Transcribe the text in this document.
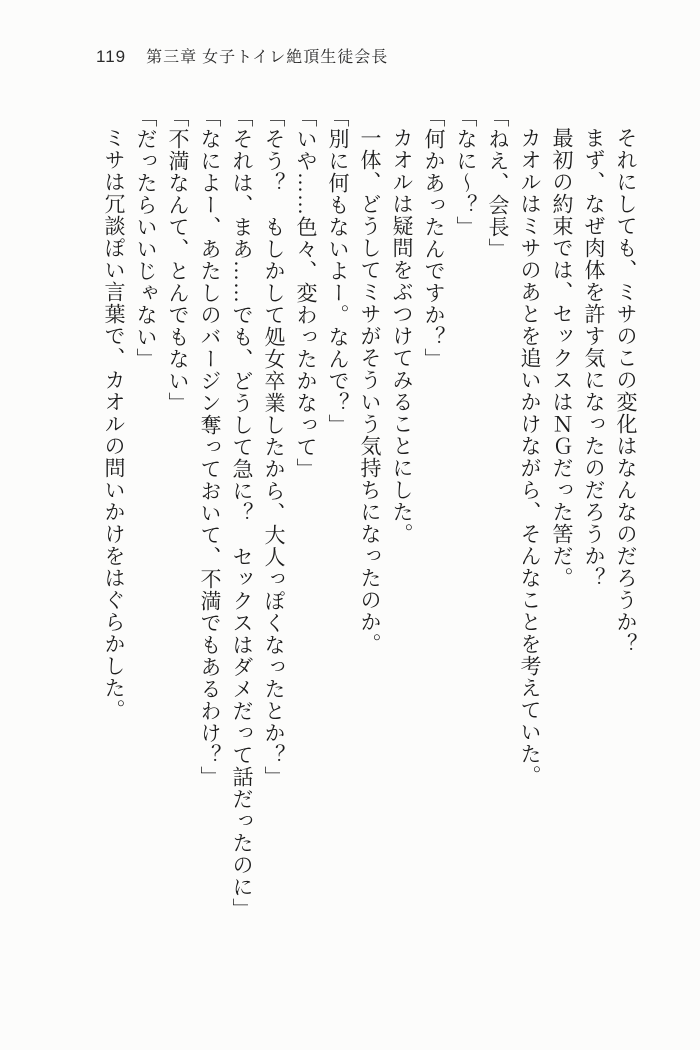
119 第三章 女子トイレ絶頂生徒会長

それにしても、ミサのこの変化はなんなのだろうか？

まず、なぜ肉体を許す気になったのだろうか？

最初の約束では、セックスはＮＧだった筈だ。

カオルはミサのあとを追いかけながら、そんなことを考えていた。

「ねえ、会長」

「なに〜？」

「何かあったんですか？」

カオルは疑問をぶつけてみることにした。

一体、どうしてミサがそういう気持ちになったのか。

「別に何もないよー。なんで？」

「いや……色々、変わったかなって」

「そう？　もしかして処女卒業したから、大人っぽくなったとか？」

「それは、まあ……でも、どうして急に？　セックスはダメだって話だったのに」

「なによー、あたしのバージン奪っておいて、不満でもあるわけ？」

「不満なんて、とんでもない」

「だったらいいじゃない」

ミサは冗談ぽい言葉で、カオルの問いかけをはぐらかした。
